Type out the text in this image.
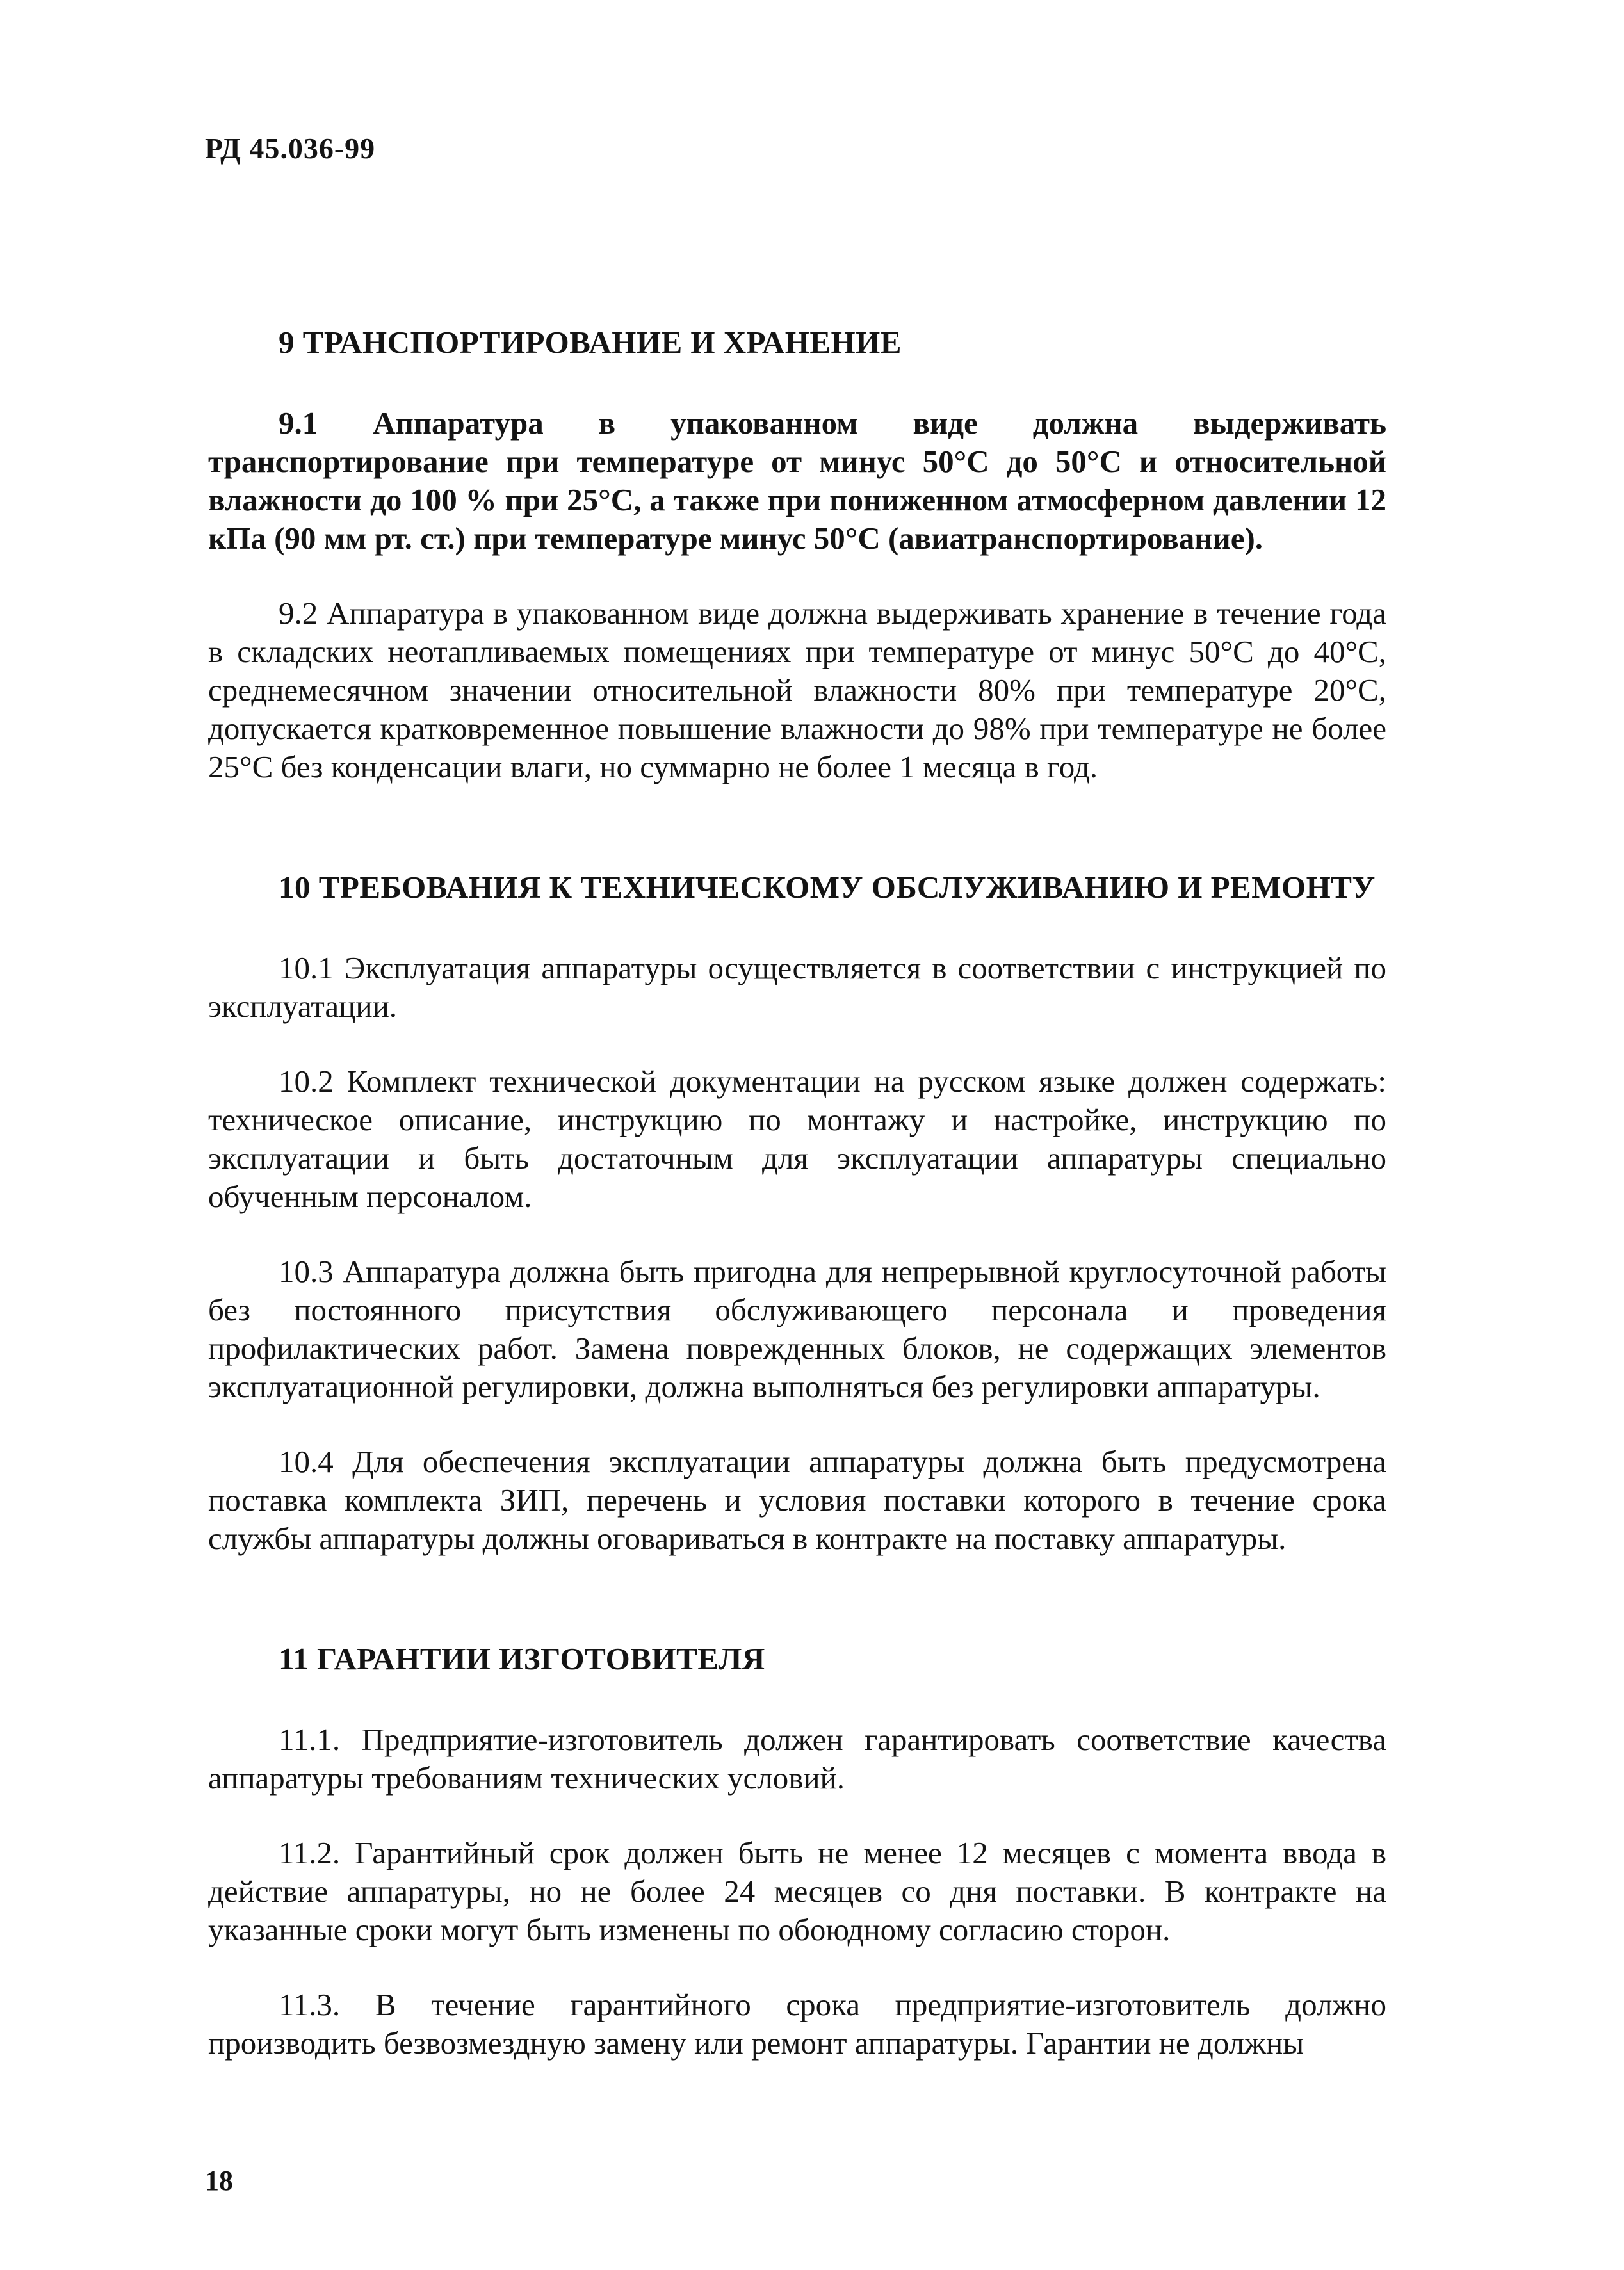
РД 45.036-99
9 ТРАНСПОРТИРОВАНИЕ И ХРАНЕНИЕ

9.1 Аппаратура в упакованном виде должна выдерживать транспортирование при температуре от минус 50°С до 50°С и относительной влажности до 100 % при 25°С, а также при пониженном атмосферном давлении 12 кПа (90 мм рт. ст.) при температуре минус 50°С (авиатранспортирование).

9.2 Аппаратура в упакованном виде должна выдерживать хранение в течение года в складских неотапливаемых помещениях при температуре от минус 50°С до 40°С, среднемесячном значении относительной влажности 80% при температуре 20°С, допускается кратковременное повышение влажности до 98% при температуре не более 25°С без конденсации влаги, но суммарно не более 1 месяца в год.

10 ТРЕБОВАНИЯ К ТЕХНИЧЕСКОМУ ОБСЛУЖИВАНИЮ И РЕМОНТУ

10.1 Эксплуатация аппаратуры осуществляется в соответствии с инструкцией по эксплуатации.

10.2 Комплект технической документации на русском языке должен содержать: техническое описание, инструкцию по монтажу и настройке, инструкцию по эксплуатации и быть достаточным для эксплуатации аппаратуры специально обученным персоналом.

10.3 Аппаратура должна быть пригодна для непрерывной круглосуточной работы без постоянного присутствия обслуживающего персонала и проведения профилактических работ. Замена поврежденных блоков, не содержащих элементов эксплуатационной регулировки, должна выполняться без регулировки аппаратуры.

10.4 Для обеспечения эксплуатации аппаратуры должна быть предусмотрена поставка комплекта ЗИП, перечень и условия поставки которого в течение срока службы аппаратуры должны оговариваться в контракте на поставку аппаратуры.

11 ГАРАНТИИ ИЗГОТОВИТЕЛЯ

11.1. Предприятие-изготовитель должен гарантировать соответствие качества аппаратуры требованиям технических условий.

11.2. Гарантийный срок должен быть не менее 12 месяцев с момента ввода в действие аппаратуры, но не более 24 месяцев со дня поставки. В контракте на указанные сроки могут быть изменены по обоюдному согласию сторон.

11.3. В течение гарантийного срока предприятие-изготовитель должно производить безвозмездную замену или ремонт аппаратуры. Гарантии не должны

18
